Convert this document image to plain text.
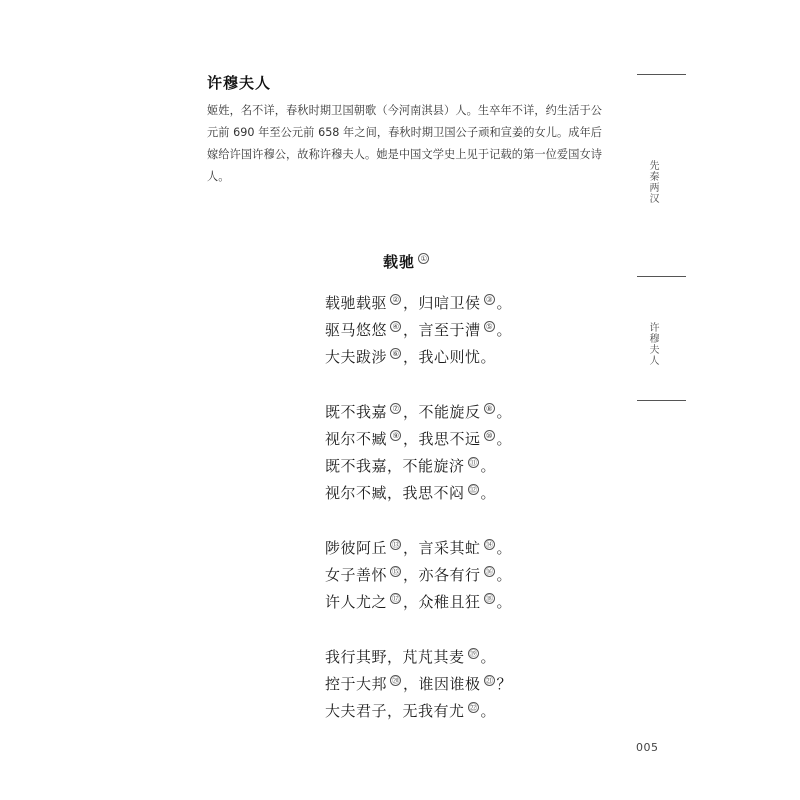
许穆夫人
姬姓，名不详，春秋时期卫国朝歌（今河南淇县）人。生卒年不详，约生活于公元前 690 年至公元前 658 年之间，春秋时期卫国公子顽和宣姜的女儿。成年后嫁给许国许穆公，故称许穆夫人。她是中国文学史上见于记载的第一位爱国女诗人。
载驰 ①
载驰载驱 ② ，归唁卫侯 ③ 。
驱马悠悠 ④ ，言至于漕 ⑤ 。
大夫跋涉 ⑥ ，我心则忧。
既不我嘉 ⑦ ，不能旋反 ⑧ 。
视尔不臧 ⑨ ，我思不远 ⑩ 。
既不我嘉，不能旋济 ⑪ 。
视尔不臧，我思不闷 ⑫ 。
陟彼阿丘 ⑬ ，言采其虻 ⑭ 。
女子善怀 ⑮ ，亦各有行 ⑯ 。
许人尤之 ⑰ ，众稚且狂 ⑱ 。
我行其野，芃芃其麦 ⑲ 。
控于大邦 ⑳ ，谁因谁极 ㉑ ？
大夫君子，无我有尤 ㉒ 。
先秦两汉
许穆夫人
005
